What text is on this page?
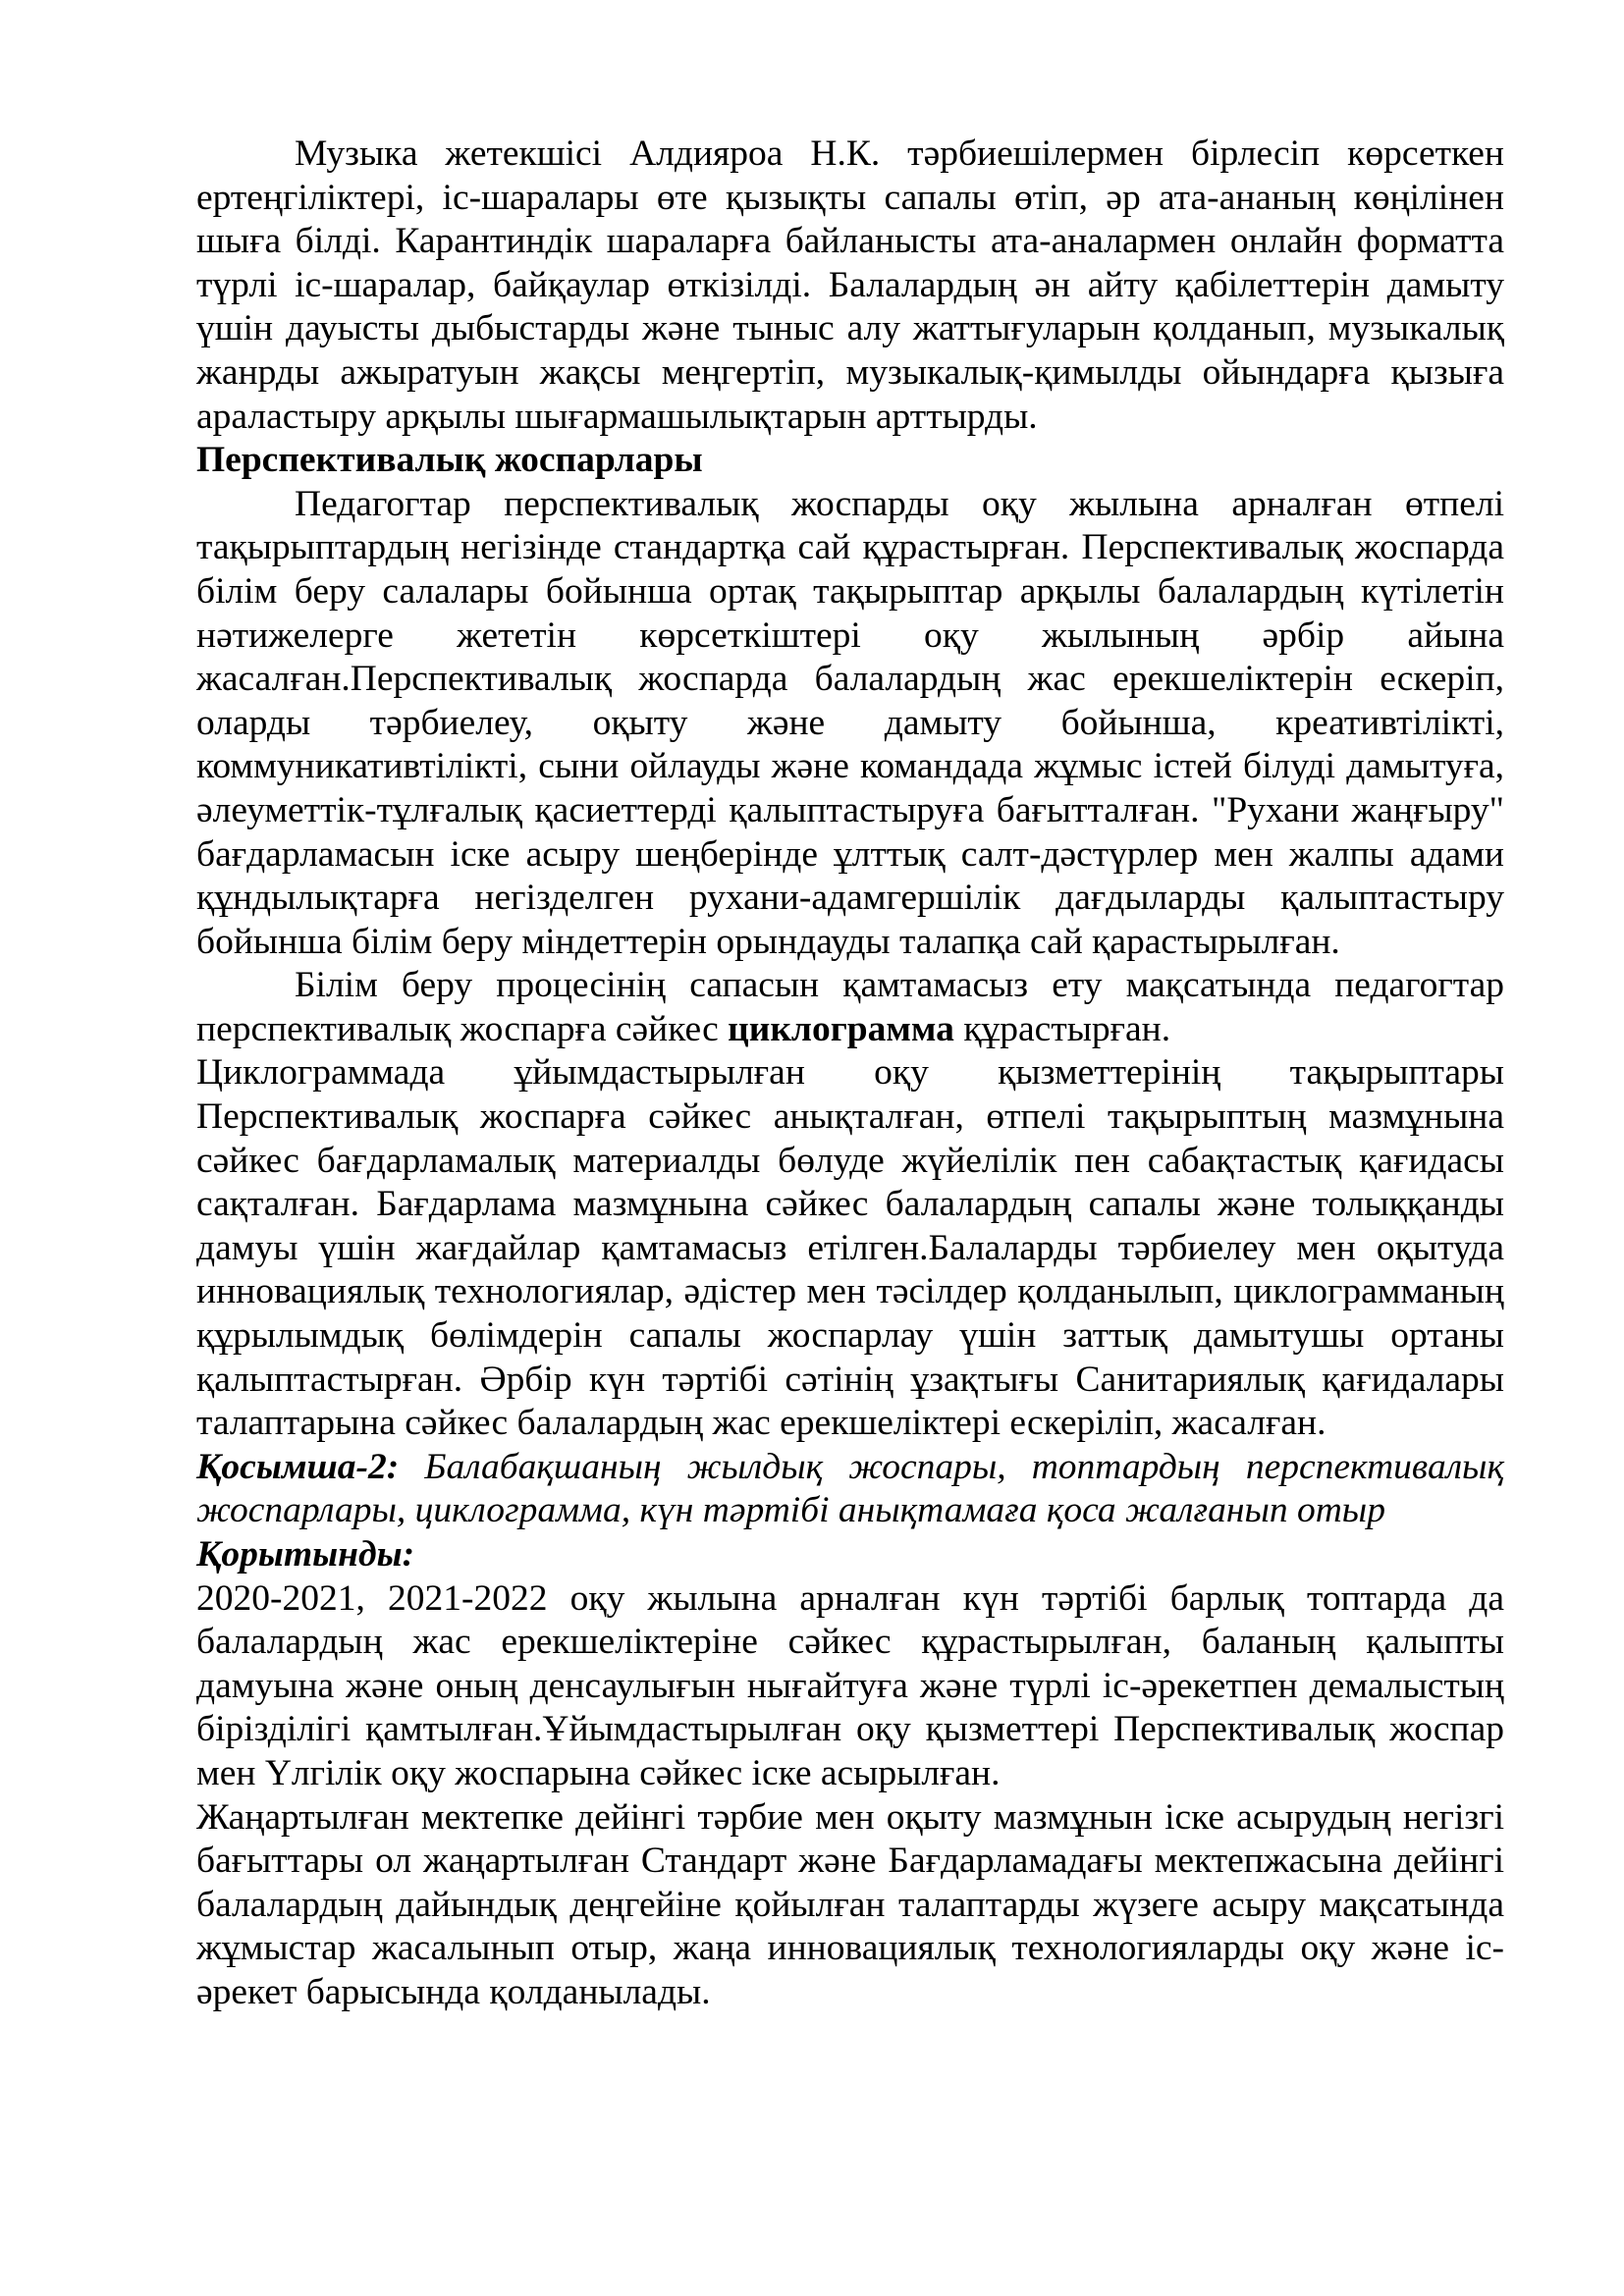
Музыка жетекшісі Алдияроа Н.К. тәрбиешілермен бірлесіп көрсеткен ертеңгіліктері, іс-шаралары өте қызықты сапалы өтіп, әр ата-ананың көңілінен шыға білді. Карантиндік шараларға байланысты ата-аналармен онлайн форматта түрлі іс-шаралар, байқаулар өткізілді. Балалардың ән айту қабілеттерін дамыту үшін дауысты дыбыстарды және тыныс алу жаттығуларын қолданып, музыкалық жанрды ажыратуын жақсы меңгертіп, музыкалық-қимылды ойындарға қызыға араластыру арқылы шығармашылықтарын арттырды.

Перспективалық жоспарлары

Педагогтар перспективалық жоспарды оқу жылына арналған өтпелі тақырыптардың негізінде стандартқа сай құрастырған. Перспективалық жоспарда білім беру салалары бойынша ортақ тақырыптар арқылы балалардың күтілетін нәтижелерге жететін көрсеткіштері оқу жылының әрбір айына жасалған.Перспективалық жоспарда балалардың жас ерекшеліктерін ескеріп, оларды тәрбиелеу, оқыту және дамыту бойынша, креативтілікті, коммуникативтілікті, сыни ойлауды және командада жұмыс істей білуді дамытуға, әлеуметтік-тұлғалық қасиеттерді қалыптастыруға бағытталған. "Рухани жаңғыру" бағдарламасын іске асыру шеңберінде ұлттық салт-дәстүрлер мен жалпы адами құндылықтарға негізделген рухани-адамгершілік дағдыларды қалыптастыру бойынша білім беру міндеттерін орындауды талапқа сай қарастырылған.

Білім беру процесінің сапасын қамтамасыз ету мақсатында педагогтар перспективалық жоспарға сәйкес циклограмма құрастырған.

Циклограммада ұйымдастырылған оқу қызметтерінің тақырыптары Перспективалық жоспарға сәйкес анықталған, өтпелі тақырыптың мазмұнына сәйкес бағдарламалық материалды бөлуде жүйелілік пен сабақтастық қағидасы сақталған. Бағдарлама мазмұнына сәйкес балалардың сапалы және толыққанды дамуы үшін жағдайлар қамтамасыз етілген.Балаларды тәрбиелеу мен оқытуда инновациялық технологиялар, әдістер мен тәсілдер қолданылып, циклограмманың құрылымдық бөлімдерін сапалы жоспарлау үшін заттық дамытушы ортаны қалыптастырған. Әрбір күн тәртібі сәтінің ұзақтығы Санитариялық қағидалары талаптарына сәйкес балалардың жас ерекшеліктері ескеріліп, жасалған.

Қосымша-2: Балабақшаның жылдық жоспары, топтардың перспективалық жоспарлары, циклограмма, күн тәртібі анықтамаға қоса жалғанып отыр

Қорытынды:

2020-2021, 2021-2022 оқу жылына арналған күн тәртібі барлық топтарда да балалардың жас ерекшеліктеріне сәйкес құрастырылған, баланың қалыпты дамуына және оның денсаулығын нығайтуға және түрлі іс-әрекетпен демалыстың бірізділігі қамтылған.Ұйымдастырылған оқу қызметтері Перспективалық жоспар мен Үлгілік оқу жоспарына сәйкес іске асырылған.

Жаңартылған мектепке дейінгі тәрбие мен оқыту мазмұнын іске асырудың негізгі бағыттары ол жаңартылған Стандарт және Бағдарламадағы мектепжасына дейінгі балалардың дайындық деңгейіне қойылған талаптарды жүзеге асыру мақсатында жұмыстар жасалынып отыр, жаңа инновациялық технологияларды оқу және іс-әрекет барысында қолданылады.
